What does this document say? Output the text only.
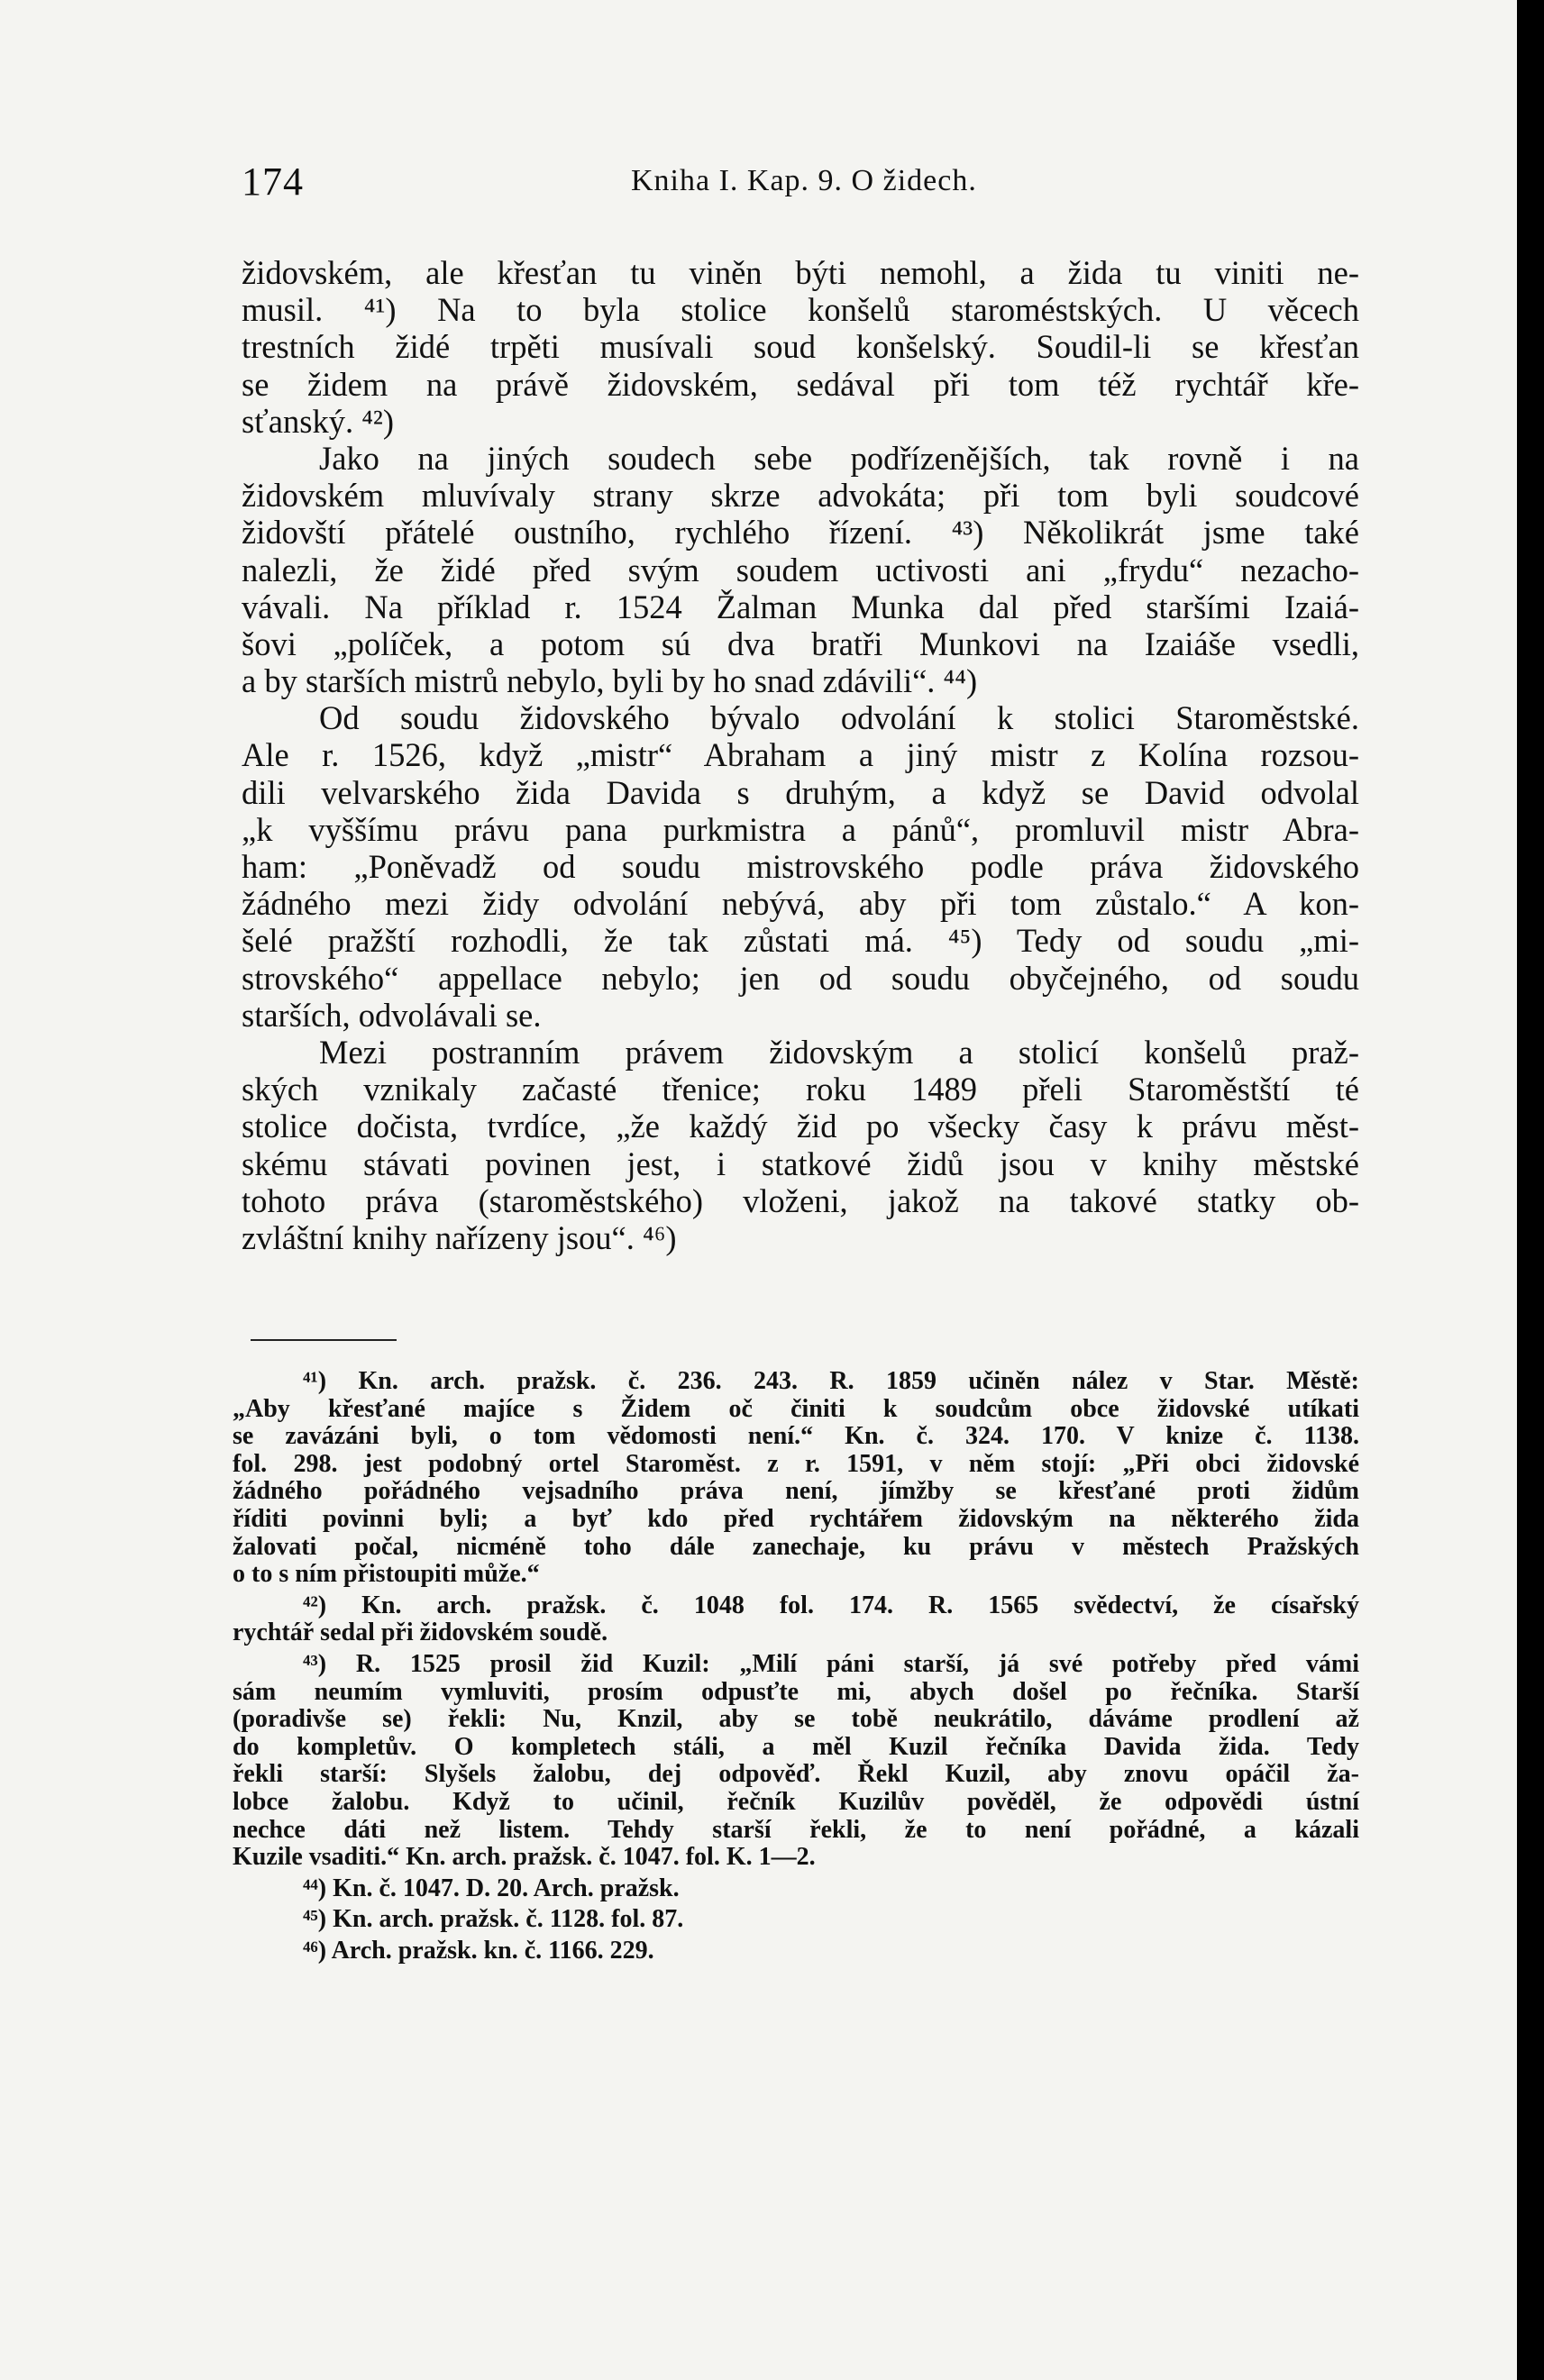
174	Kniha I. Kap. 9. O židech.

židovském, ale křesťan tu viněn býti nemohl, a žida tu viniti ne-
musil. ⁴¹) Na to byla stolice konšelů staroméstských. U věcech
trestních židé trpěti musívali soud konšelský. Soudil-li se křesťan
se židem na právě židovském, sedával při tom též rychtář kře-
sťanský. ⁴²)

Jako na jiných soudech sebe podřízenějších, tak rovně i na
židovském mluvívaly strany skrze advokáta; při tom byli soudcové
židovští přátelé oustního, rychlého řízení. ⁴³) Několikrát jsme také
nalezli, že židé před svým soudem uctivosti ani „frydu“ nezacho-
vávali. Na příklad r. 1524 Žalman Munka dal před staršími Izaiá-
šovi „políček, a potom sú dva bratři Munkovi na Izaiáše vsedli,
a by starších mistrů nebylo, byli by ho snad zdávili“. ⁴⁴)

Od soudu židovského bývalo odvolání k stolici Staroměstské.
Ale r. 1526, když „mistr“ Abraham a jiný mistr z Kolína rozsou-
dili velvarského žida Davida s druhým, a když se David odvolal
„k vyššímu právu pana purkmistra a pánů“, promluvil mistr Abra-
ham: „Poněvadž od soudu mistrovského podle práva židovského
žádného mezi židy odvolání nebývá, aby při tom zůstalo.“ A kon-
šelé pražští rozhodli, že tak zůstati má. ⁴⁵) Tedy od soudu „mi-
strovského“ appellace nebylo; jen od soudu obyčejného, od soudu
starších, odvolávali se.

Mezi postranním právem židovským a stolicí konšelů praž-
ských vznikaly začasté třenice; roku 1489 přeli Staroměstští té
stolice dočista, tvrdíce, „že každý žid po všecky časy k právu měst-
skému stávati povinen jest, i statkové židů jsou v knihy městské
tohoto práva (staroměstského) vloženi, jakož na takové statky ob-
zvláštní knihy nařízeny jsou“. ⁴⁶)

⁴¹) Kn. arch. pražsk. č. 236. 243. R. 1859 učiněn nález v Star. Městě:
„Aby křesťané majíce s Židem oč činiti k soudcům obce židovské utíkati
se zavázáni byli, o tom vědomosti není.“ Kn. č. 324. 170. V knize č. 1138.
fol. 298. jest podobný ortel Staroměst. z r. 1591, v něm stojí: „Při obci židovské
žádného pořádného vejsadního práva není, jímžby se křesťané proti židům
říditi povinni byli; a byť kdo před rychtářem židovským na některého žida
žalovati počal, nicméně toho dále zanechaje, ku právu v městech Pražských
o to s ním přistoupiti může.“
⁴²) Kn. arch. pražsk. č. 1048 fol. 174. R. 1565 svědectví, že císařský
rychtář sedal při židovském soudě.
⁴³) R. 1525 prosil žid Kuzil: „Milí páni starší, já své potřeby před vámi
sám neumím vymluviti, prosím odpusťte mi, abych došel po řečníka. Starší
(poradivše se) řekli: Nu, Knzil, aby se tobě neukrátilo, dáváme prodlení až
do kompletův. O kompletech stáli, a měl Kuzil řečníka Davida žida. Tedy
řekli starší: Slyšels žalobu, dej odpověď. Řekl Kuzil, aby znovu opáčil ža-
lobce žalobu. Když to učinil, řečník Kuzilův pověděl, že odpovědi ústní
nechce dáti než listem. Tehdy starší řekli, že to není pořádné, a kázali
Kuzile vsaditi.“ Kn. arch. pražsk. č. 1047. fol. K. 1—2.
⁴⁴) Kn. č. 1047. D. 20. Arch. pražsk.
⁴⁵) Kn. arch. pražsk. č. 1128. fol. 87.
⁴⁶) Arch. pražsk. kn. č. 1166. 229.
